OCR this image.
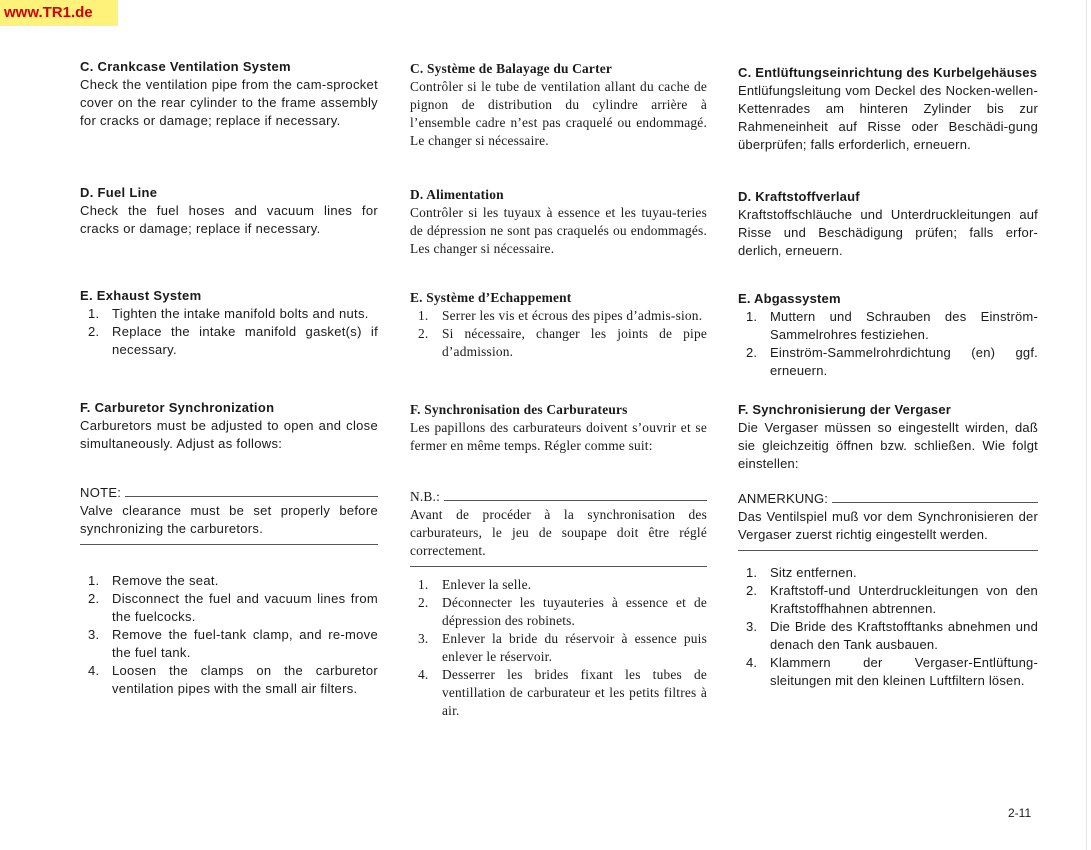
www.TR1.de

C. Crankcase Ventilation System

Check the ventilation pipe from the cam-sprocket cover on the rear cylinder to the frame assembly for cracks or damage; replace if necessary.

D. Fuel Line

Check the fuel hoses and vacuum lines for cracks or damage; replace if necessary.

E. Exhaust System

1. Tighten the intake manifold bolts and nuts.
2. Replace the intake manifold gasket(s) if necessary.

F. Carburetor Synchronization

Carburetors must be adjusted to open and close simultaneously. Adjust as follows:

NOTE:

Valve clearance must be set properly before synchronizing the carburetors.

1. Remove the seat.
2. Disconnect the fuel and vacuum lines from the fuelcocks.
3. Remove the fuel-tank clamp, and re-move the fuel tank.
4. Loosen the clamps on the carburetor ventilation pipes with the small air filters.

C. Système de Balayage du Carter

Contrôler si le tube de ventilation allant du cache de pignon de distribution du cylindre arrière à l’ensemble cadre n’est pas craquelé ou endommagé. Le changer si nécessaire.

D. Alimentation

Contrôler si les tuyaux à essence et les tuyau-teries de dépression ne sont pas craquelés ou endommagés. Les changer si nécessaire.

E. Système d’Echappement

1. Serrer les vis et écrous des pipes d’admis-sion.
2. Si nécessaire, changer les joints de pipe d’admission.

F. Synchronisation des Carburateurs

Les papillons des carburateurs doivent s’ouvrir et se fermer en même temps. Régler comme suit:

N.B.:

Avant de procéder à la synchronisation des carburateurs, le jeu de soupape doit être réglé correctement.

1. Enlever la selle.
2. Déconnecter les tuyauteries à essence et de dépression des robinets.
3. Enlever la bride du réservoir à essence puis enlever le réservoir.
4. Desserrer les brides fixant les tubes de ventillation de carburateur et les petits filtres à air.

C. Entlüftungseinrichtung des Kurbelgehäuses

Entlüfungsleitung vom Deckel des Nocken-wellen-Kettenrades am hinteren Zylinder bis zur Rahmeneinheit auf Risse oder Beschädi-gung überprüfen; falls erforderlich, erneuern.

D. Kraftstoffverlauf

Kraftstoffschläuche und Unterdruckleitungen auf Risse und Beschädigung prüfen; falls erfor-derlich, erneuern.

E. Abgassystem

1. Muttern und Schrauben des Einström-Sammelrohres festiziehen.
2. Einström-Sammelrohrdichtung (en) ggf. erneuern.

F. Synchronisierung der Vergaser

Die Vergaser müssen so eingestellt wirden, daß sie gleichzeitig öffnen bzw. schließen. Wie folgt einstellen:

ANMERKUNG:

Das Ventilspiel muß vor dem Synchronisieren der Vergaser zuerst richtig eingestellt werden.

1. Sitz entfernen.
2. Kraftstoff-und Unterdruckleitungen von den Kraftstoffhahnen abtrennen.
3. Die Bride des Kraftstofftanks abnehmen und denach den Tank ausbauen.
4. Klammern der Vergaser-Entlüftung-sleitungen mit den kleinen Luftfiltern lösen.
2-11
